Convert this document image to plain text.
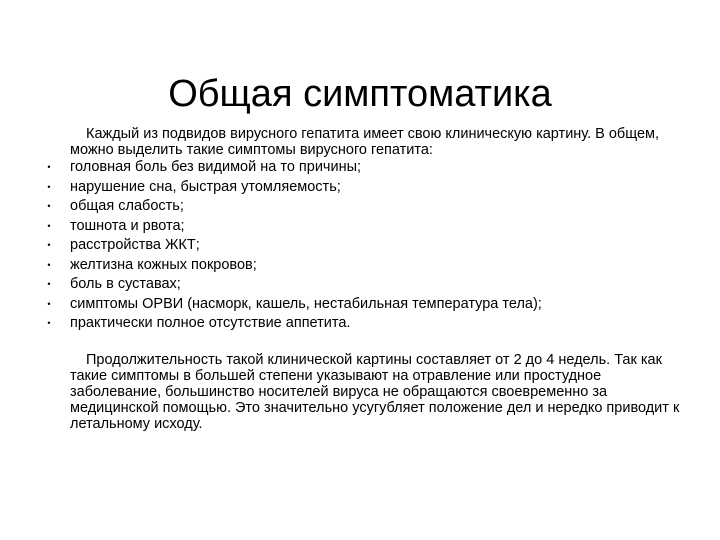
Общая симптоматика

Каждый из подвидов вирусного гепатита имеет свою клиническую картину. В общем, можно выделить такие симптомы вирусного гепатита:

• головная боль без видимой на то причины;
• нарушение сна, быстрая утомляемость;
• общая слабость;
• тошнота и рвота;
• расстройства ЖКТ;
• желтизна кожных покровов;
• боль в суставах;
• симптомы ОРВИ (насморк, кашель, нестабильная температура тела);
• практически полное отсутствие аппетита.

Продолжительность такой клинической картины составляет от 2 до 4 недель. Так как такие симптомы в большей степени указывают на отравление или простудное заболевание, большинство носителей вируса не обращаются своевременно за медицинской помощью. Это значительно усугубляет положение дел и нередко приводит к летальному исходу.
